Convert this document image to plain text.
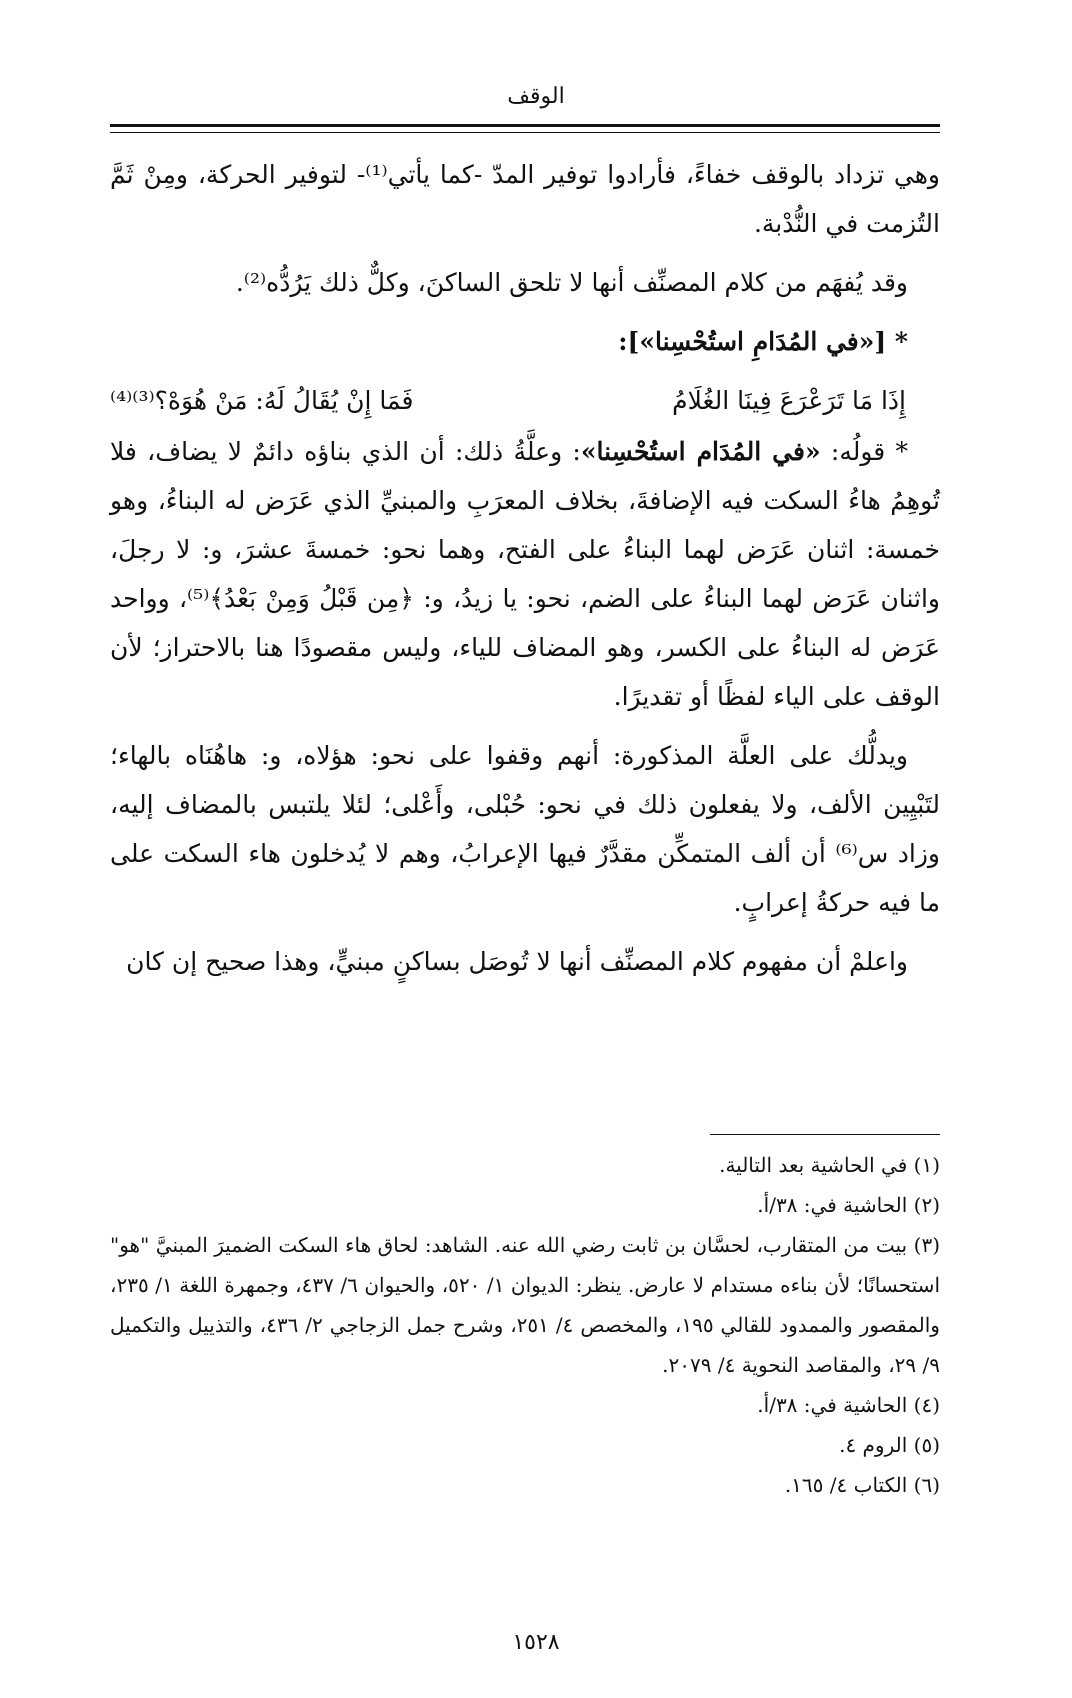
الوقف

وهي تزداد بالوقف خفاءً، فأرادوا توفير المدّ -كما يأتي⁽¹⁾- لتوفير الحركة، ومِنْ ثَمَّ التُزمت في النُّدْبة.

وقد يُفهَم من كلام المصنِّف أنها لا تلحق الساكنَ، وكلٌّ ذلك يَرُدُّه⁽²⁾.

* [«في المُدَامِ استُحْسِنا»]:

إِذَا مَا تَرَعْرَعَ فِينَا الغُلَامُ
فَمَا إِنْ يُقَالُ لَهُ: مَنْ هُوَهْ؟⁽³⁾⁽⁴⁾

* قولُه: «في المُدَام استُحْسِنا»: وعلَّةُ ذلك: أن الذي بناؤه دائمٌ لا يضاف، فلا تُوهِمُ هاءُ السكت فيه الإضافةَ، بخلاف المعرَبِ والمبنيِّ الذي عَرَض له البناءُ، وهو خمسة: اثنان عَرَض لهما البناءُ على الفتح، وهما نحو: خمسةَ عشرَ، و: لا رجلَ، واثنان عَرَض لهما البناءُ على الضم، نحو: يا زيدُ، و: ﴿مِن قَبْلُ وَمِنْ بَعْدُ﴾⁽⁵⁾، وواحد عَرَض له البناءُ على الكسر، وهو المضاف للياء، وليس مقصودًا هنا بالاحتراز؛ لأن الوقف على الياء لفظًا أو تقديرًا.

ويدلُّك على العلَّة المذكورة: أنهم وقفوا على نحو: هؤلاه، و: هاهُنَاه بالهاء؛ لتَبْيِين الألف، ولا يفعلون ذلك في نحو: حُبْلى، وأَعْلى؛ لئلا يلتبس بالمضاف إليه، وزاد س⁽⁶⁾ أن ألف المتمكِّن مقدَّرٌ فيها الإعرابُ، وهم لا يُدخلون هاء السكت على ما فيه حركةُ إعرابٍ.

واعلمْ أن مفهوم كلام المصنِّف أنها لا تُوصَل بساكنٍ مبنيٍّ، وهذا صحيح إن كان

(١) في الحاشية بعد التالية.

(٢) الحاشية في: ٣٨/أ.

(٣) بيت من المتقارب، لحسَّان بن ثابت رضي الله عنه. الشاهد: لحاق هاء السكت الضميرَ المبنيَّ "هو" استحسانًا؛ لأن بناءه مستدام لا عارض. ينظر: الديوان ١/ ٥٢٠، والحيوان ٦/ ٤٣٧، وجمهرة اللغة ١/ ٢٣٥، والمقصور والممدود للقالي ١٩٥، والمخصص ٤/ ٢٥١، وشرح جمل الزجاجي ٢/ ٤٣٦، والتذييل والتكميل ٩/ ٢٩، والمقاصد النحوية ٤/ ٢٠٧٩.

(٤) الحاشية في: ٣٨/أ.

(٥) الروم ٤.

(٦) الكتاب ٤/ ١٦٥.

١٥٢٨
